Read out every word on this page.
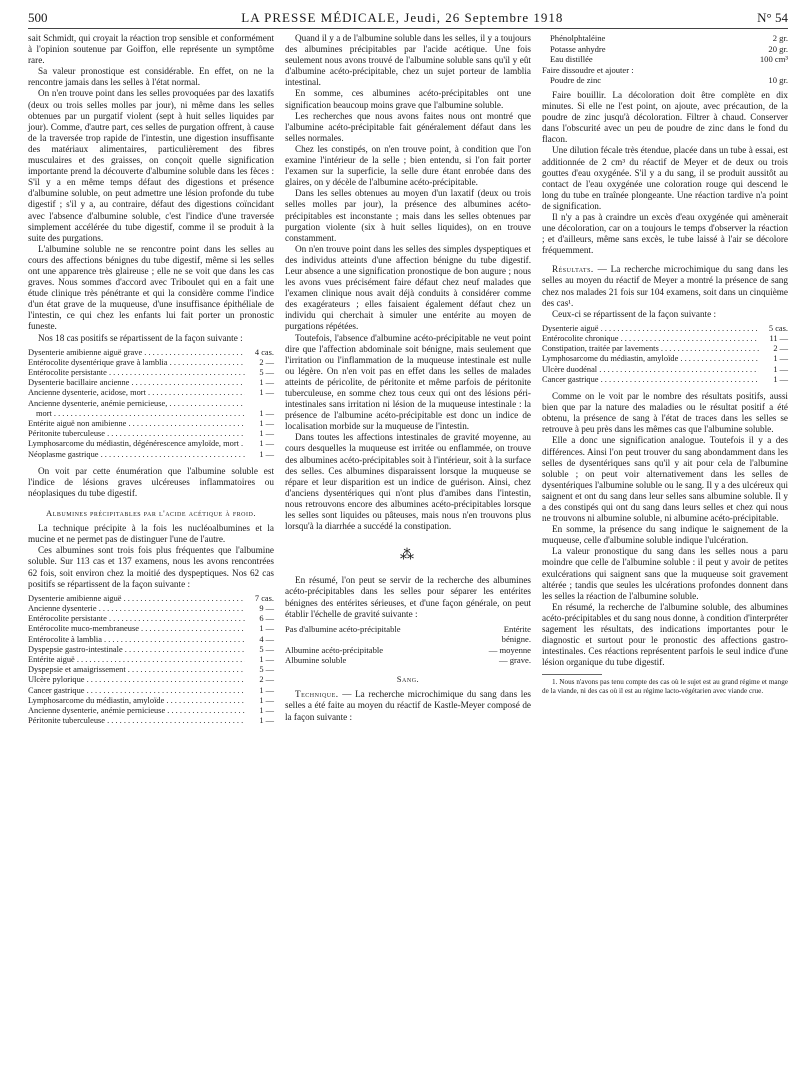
500	LA PRESSE MÉDICALE, Jeudi, 26 Septembre 1918	N° 54

sait Schmidt, qui croyait la réaction trop sensible et conformément à l'opinion soutenue par Goiffon, elle représente un symptôme rare.

Sa valeur pronostique est considérable. En effet, on ne la rencontre jamais dans les selles à l'état normal.

On n'en trouve point dans les selles provoquées par des laxatifs (deux ou trois selles molles par jour), ni même dans les selles obtenues par un purgatif violent (sept à huit selles liquides par jour). Comme, d'autre part, ces selles de purgation offrent, à cause de la traversée trop rapide de l'intestin, une digestion insuffisante des matériaux alimentaires, particulièrement des fibres musculaires et des graisses, on conçoit quelle signification importante prend la découverte d'albumine soluble dans les fèces : S'il y a en même temps défaut des digestions et présence d'albumine soluble, on peut admettre une lésion profonde du tube digestif ; s'il y a, au contraire, défaut des digestions coïncidant avec l'absence d'albumine soluble, c'est l'indice d'une traversée simplement accélérée du tube digestif, comme il se produit à la suite des purgations.

L'albumine soluble ne se rencontre point dans les selles au cours des affections bénignes du tube digestif, même si les selles ont une apparence très glaireuse ; elle ne se voit que dans les cas graves. Nous sommes d'accord avec Triboulet qui en a fait une étude clinique très pénétrante et qui la considère comme l'indice d'un état grave de la muqueuse, d'une insuffisance épithéliale de l'intestin, ce qui chez les enfants lui fait porter un pronostic funeste.

Nos 18 cas positifs se répartissent de la façon suivante :

Dysenterie amibienne aiguë grave . . .	4 cas.
Entérocolite dysentérique grave à lamblia . . .	2 —
Entérocolite persistante . . .	5 —
Dysenterie bacillaire ancienne . . .	1 —
Ancienne dysenterie, acidose, mort . . .	1 —
Ancienne dysenterie, anémie pernicieuse, . . .
mort . . .	1 —
Entérite aiguë non amibienne . . .	1 —
Péritonite tuberculeuse . . .	1 —
Lymphosarcome du médiastin, dégénérescence amyloïde, mort . . .	1 —
Néoplasme gastrique . . .	1 —

On voit par cette énumération que l'albumine soluble est l'indice de lésions graves ulcéreuses inflammatoires ou néoplasiques du tube digestif.

Albumines précipitables par l'acide acétique à froid.

La technique précipite à la fois les nucléoalbumines et la mucine et ne permet pas de distinguer l'une de l'autre.

Ces albumines sont trois fois plus fréquentes que l'albumine soluble. Sur 113 cas et 137 examens, nous les avons rencontrées 62 fois, soit environ chez la moitié des dyspeptiques. Nos 62 cas positifs se répartissent de la façon suivante :

Dysenterie amibienne aiguë . . .	7 cas.
Ancienne dysenterie . . .	9 —
Entérocolite persistante . . .	6 —
Entérocolite muco-membraneuse . . .	1 —
Entérocolite à lamblia . . .	4 —
Dyspepsie gastro-intestinale . . .	5 —
Entérite aiguë . . .	1 —
Dyspepsie et amaigrissement . . .	5 —
Ulcère pylorique . . .	2 —
Cancer gastrique . . .	1 —
Lymphosarcome du médiastin, amyloïde . . .	1 —
Ancienne dysenterie, anémie pernicieuse . . .	1 —
Péritonite tuberculeuse . . .	1 —

Quand il y a de l'albumine soluble dans les selles, il y a toujours des albumines précipitables par l'acide acétique. Une fois seulement nous avons trouvé de l'albumine soluble sans qu'il y eût d'albumine acéto-précipitable, chez un sujet porteur de lamblia intestinal.

En somme, ces albumines acéto-précipitables ont une signification beaucoup moins grave que l'albumine soluble.

Les recherches que nous avons faites nous ont montré que l'albumine acéto-précipitable fait généralement défaut dans les selles normales.

Chez les constipés, on n'en trouve point, à condition que l'on examine l'intérieur de la selle ; bien entendu, si l'on fait porter l'examen sur la superficie, la selle dure étant enrobée dans des glaires, on y décèle de l'albumine acéto-précipitable.

Dans les selles obtenues au moyen d'un laxatif (deux ou trois selles molles par jour), la présence des albumines acéto-précipitables est inconstante ; mais dans les selles obtenues par purgation violente (six à huit selles liquides), on en trouve constamment.

On n'en trouve point dans les selles des simples dyspeptiques et des individus atteints d'une affection bénigne du tube digestif. Leur absence a une signification pronostique de bon augure ; nous les avons vues précisément faire défaut chez neuf malades que l'examen clinique nous avait déjà conduits à considérer comme des exagérateurs ; elles faisaient également défaut chez un individu qui cherchait à simuler une entérite au moyen de purgations répétées.

Toutefois, l'absence d'albumine acéto-précipitable ne veut point dire que l'affection abdominale soit bénigne, mais seulement que l'irritation ou l'inflammation de la muqueuse intestinale est nulle ou légère. On n'en voit pas en effet dans les selles de malades atteints de péricolite, de péritonite et même parfois de péritonite tuberculeuse, en somme chez tous ceux qui ont des lésions péri-intestinales sans irritation ni lésion de la muqueuse intestinale : la présence de l'albumine acéto-précipitable est donc un indice de localisation morbide sur la muqueuse de l'intestin.

Dans toutes les affections intestinales de gravité moyenne, au cours desquelles la muqueuse est irritée ou enflammée, on trouve des albumines acéto-précipitables soit à l'intérieur, soit à la surface des selles. Ces albumines disparaissent lorsque la muqueuse se répare et leur disparition est un indice de guérison. Ainsi, chez d'anciens dysentériques qui n'ont plus d'amibes dans l'intestin, nous retrouvons encore des albumines acéto-précipitables lorsque les selles sont liquides ou pâteuses, mais nous n'en trouvons plus lorsqu'à la diarrhée a succédé la constipation.

⁂

En résumé, l'on peut se servir de la recherche des albumines acéto-précipitables dans les selles pour séparer les entérites bénignes des entérites sérieuses, et d'une façon générale, on peut établir l'échelle de gravité suivante :

Pas d'albumine acéto-précipitable	Entérite bénigne.
Albumine acéto-précipitable	— moyenne
Albumine soluble	— grave.
Sang.

Technique. — La recherche microchimique du sang dans les selles a été faite au moyen du réactif de Kastle-Meyer composé de la façon suivante :

Phénolphtaléine	2 gr.
Potasse anhydre	20 gr.
Eau distillée	100 cm³
Faire dissoudre et ajouter :
Poudre de zinc	10 gr.

Faire bouillir. La décoloration doit être complète en dix minutes. Si elle ne l'est point, on ajoute, avec précaution, de la poudre de zinc jusqu'à décoloration. Filtrer à chaud. Conserver dans l'obscurité avec un peu de poudre de zinc dans le fond du flacon.

Une dilution fécale très étendue, placée dans un tube à essai, est additionnée de 2 cm³ du réactif de Meyer et de deux ou trois gouttes d'eau oxygénée. S'il y a du sang, il se produit aussitôt au contact de l'eau oxygénée une coloration rouge qui descend le long du tube en traînée plongeante. Une réaction tardive n'a point de signification.

Il n'y a pas à craindre un excès d'eau oxygénée qui amènerait une décoloration, car on a toujours le temps d'observer la réaction ; et d'ailleurs, même sans excès, le tube laissé à l'air se décolore fréquemment.

Résultats. — La recherche microchimique du sang dans les selles au moyen du réactif de Meyer a montré la présence de sang chez nos malades 21 fois sur 104 examens, soit dans un cinquième des cas¹.

Ceux-ci se répartissent de la façon suivante :

Dysenterie aiguë . . .	5 cas.
Entérocolite chronique . . .	11 —
Constipation, traitée par lavements . . .	2 —
Lymphosarcome du médiastin, amyloïde . . .	1 —
Ulcère duodénal . . .	1 —
Cancer gastrique . . .	1 —

Comme on le voit par le nombre des résultats positifs, aussi bien que par la nature des maladies ou le résultat positif a été obtenu, la présence de sang à l'état de traces dans les selles se retrouve à peu près dans les mêmes cas que l'albumine soluble.

Elle a donc une signification analogue. Toutefois il y a des différences. Ainsi l'on peut trouver du sang abondamment dans les selles de dysentériques sans qu'il y ait pour cela de l'albumine soluble ; on peut voir alternativement dans les selles de dysentériques l'albumine soluble ou le sang. Il y a des ulcéreux qui saignent et ont du sang dans leur selles sans albumine soluble. Il y a des constipés qui ont du sang dans leurs selles et chez qui nous ne trouvons ni albumine soluble, ni albumine acéto-précipitable.

En somme, la présence du sang indique le saignement de la muqueuse, celle d'albumine soluble indique l'ulcération.

La valeur pronostique du sang dans les selles nous a paru moindre que celle de l'albumine soluble : il peut y avoir de petites exulcérations qui saignent sans que la muqueuse soit gravement altérée ; tandis que seules les ulcérations profondes donnent dans les selles la réaction de l'albumine soluble.

En résumé, la recherche de l'albumine soluble, des albumines acéto-précipitables et du sang nous donne, à condition d'interpréter sagement les résultats, des indications importantes pour le diagnostic et surtout pour le pronostic des affections gastro-intestinales. Ces réactions représentent parfois le seul indice d'une lésion organique du tube digestif.

1. Nous n'avons pas tenu compte des cas où le sujet est au grand régime et mange de la viande, ni des cas où il est au régime lacto-végétarien avec viande crue.
